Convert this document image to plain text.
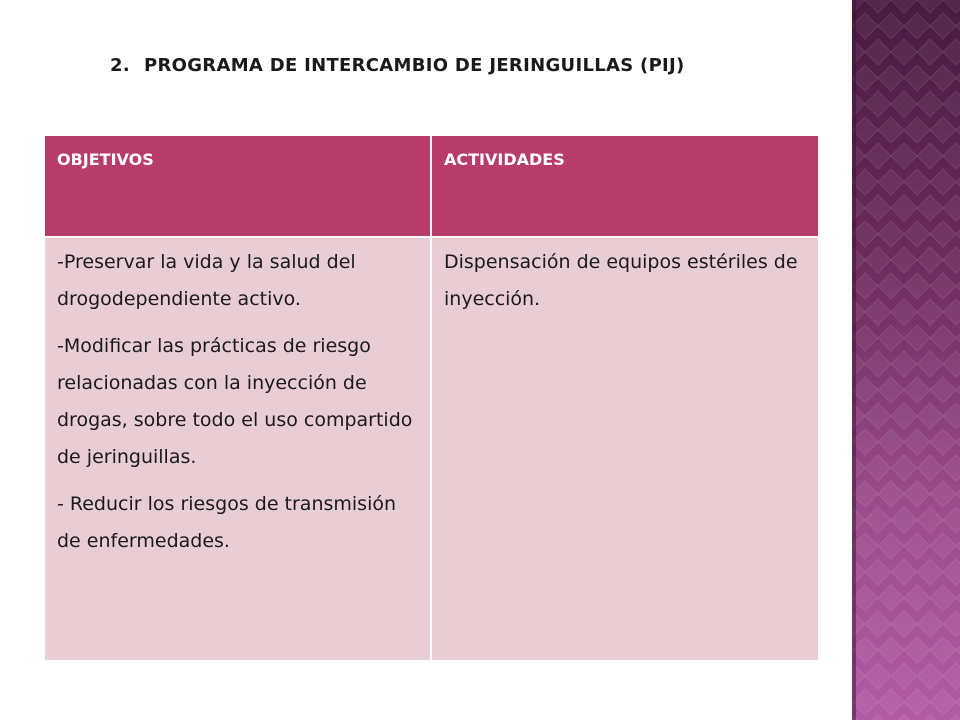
2. PROGRAMA DE INTERCAMBIO DE JERINGUILLAS (PIJ)
OBJETIVOS	ACTIVIDADES

-Preservar la vida y la salud del drogodependiente activo.

-Modificar las prácticas de riesgo relacionadas con la inyección de drogas, sobre todo el uso compartido de jeringuillas.

- Reducir los riesgos de transmisión de enfermedades.

Dispensación de equipos estériles de inyección.
